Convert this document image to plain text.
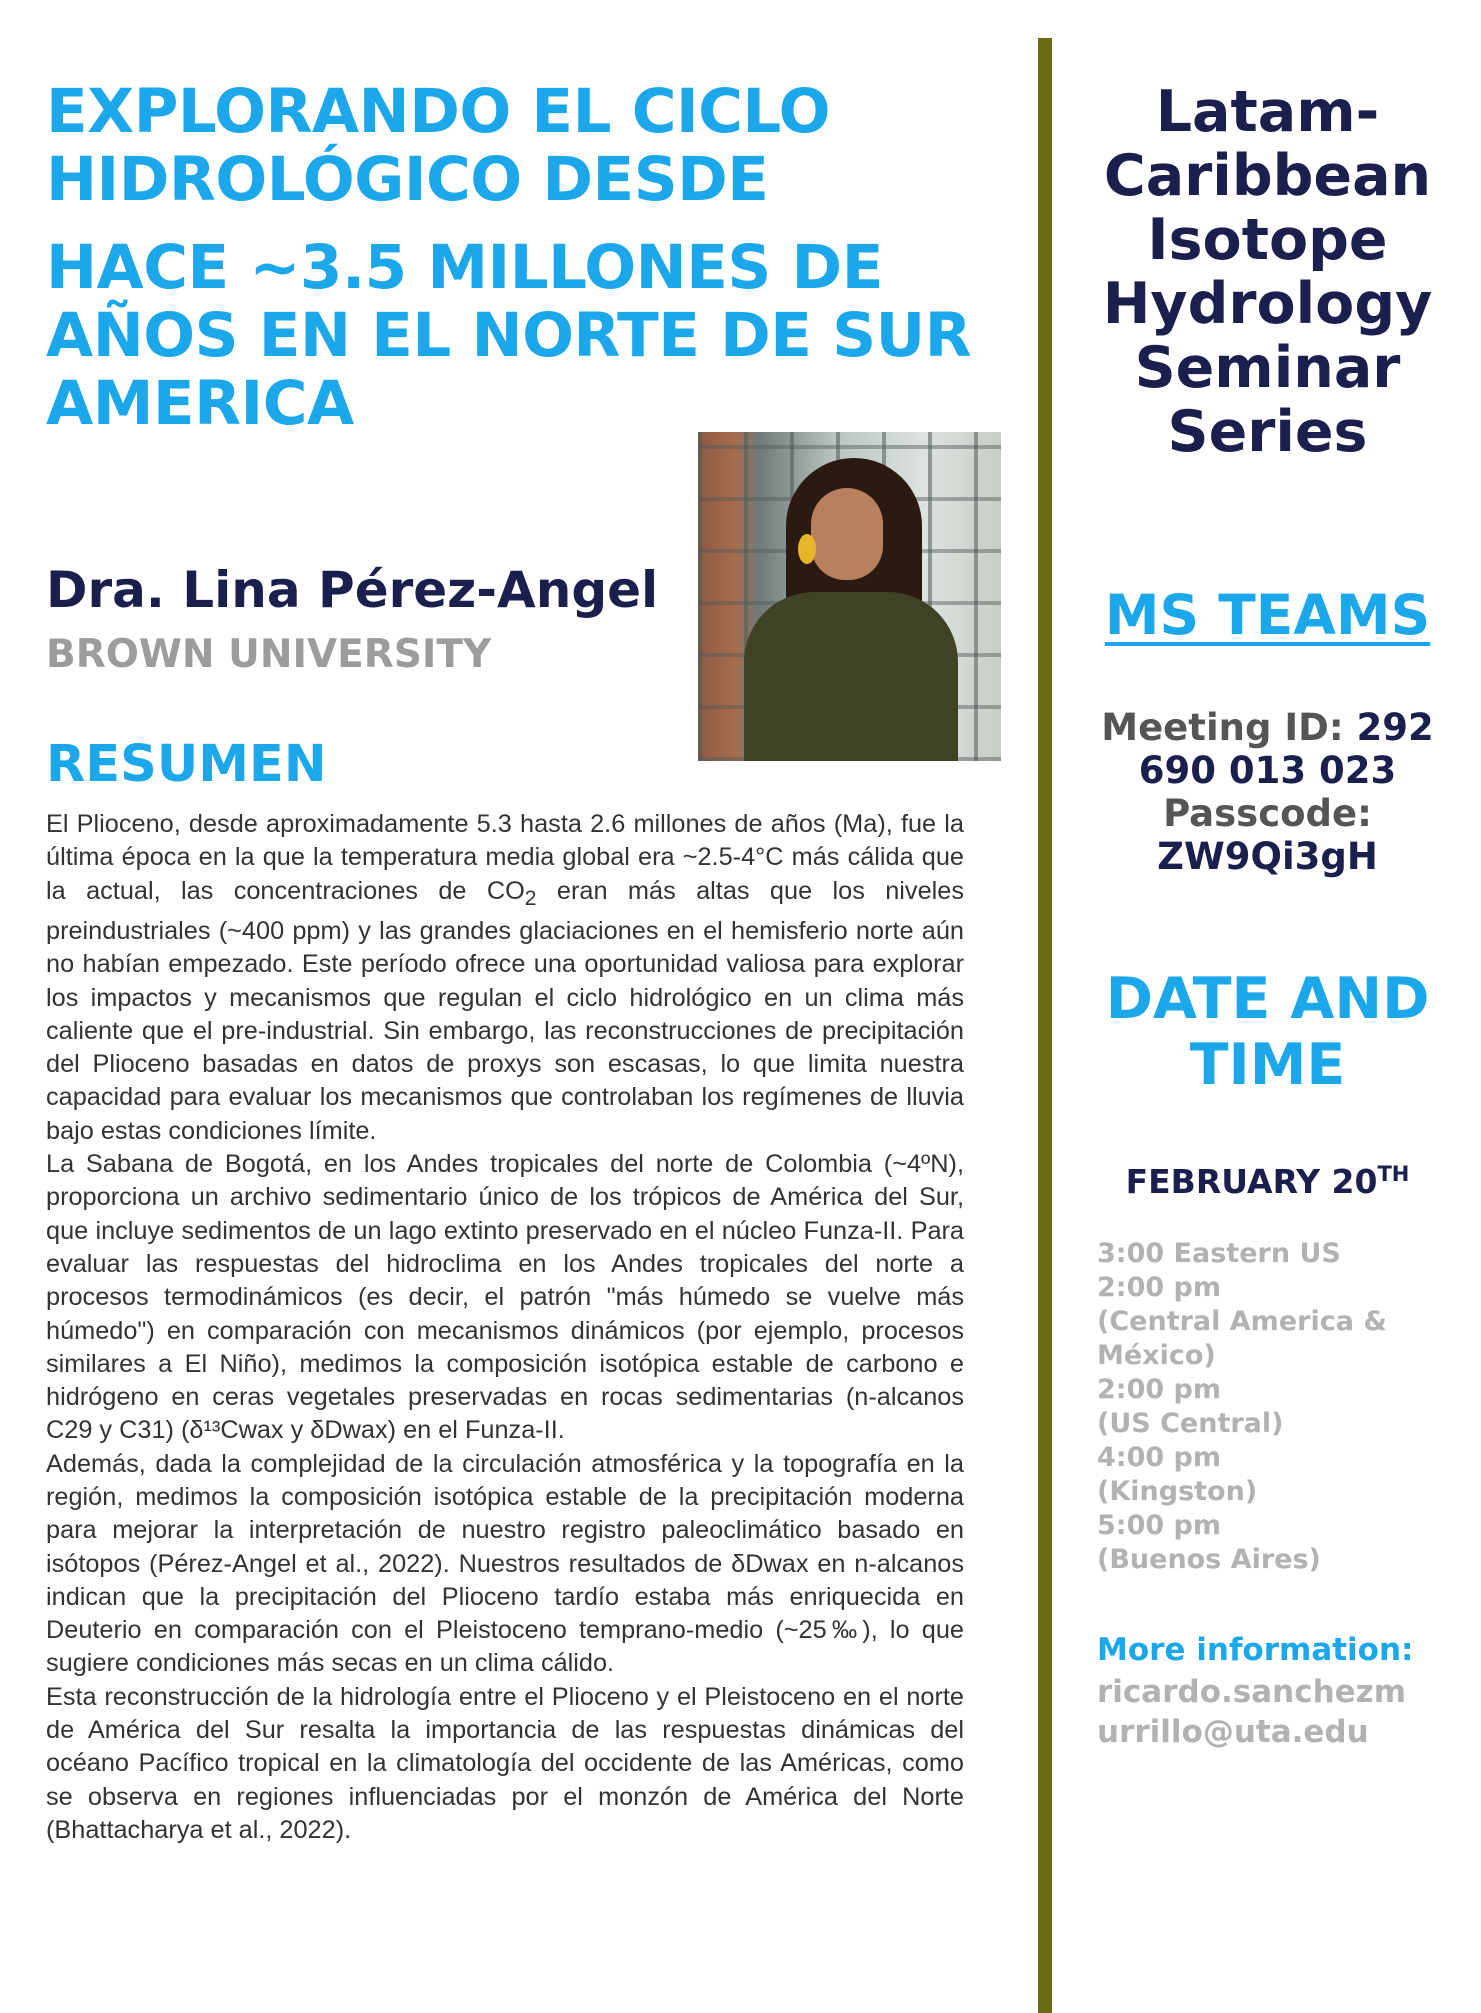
EXPLORANDO EL CICLO
HIDROLÓGICO DESDE
HACE ~3.5 MILLONES DE
AÑOS EN EL NORTE DE SUR
AMERICA
Dra. Lina Pérez-Angel
BROWN UNIVERSITY
RESUMEN

El Plioceno, desde aproximadamente 5.3 hasta 2.6 millones de años (Ma), fue la última época en la que la temperatura media global era ~2.5-4°C más cálida que la actual, las concentraciones de $CO_2$ eran más altas que los niveles preindustriales (~400 ppm) y las grandes glaciaciones en el hemisferio norte aún no habían empezado. Este período ofrece una oportunidad valiosa para explorar los impactos y mecanismos que regulan el ciclo hidrológico en un clima más caliente que el pre-industrial. Sin embargo, las reconstrucciones de precipitación del Plioceno basadas en datos de proxys son escasas, lo que limita nuestra capacidad para evaluar los mecanismos que controlaban los regímenes de lluvia bajo estas condiciones límite.

La Sabana de Bogotá, en los Andes tropicales del norte de Colombia (~4ºN), proporciona un archivo sedimentario único de los trópicos de América del Sur, que incluye sedimentos de un lago extinto preservado en el núcleo Funza-II. Para evaluar las respuestas del hidroclima en los Andes tropicales del norte a procesos termodinámicos (es decir, el patrón "más húmedo se vuelve más húmedo") en comparación con mecanismos dinámicos (por ejemplo, procesos similares a El Niño), medimos la composición isotópica estable de carbono e hidrógeno en ceras vegetales preservadas en rocas sedimentarias (n-alcanos C29 y C31) (δ¹³Cwax y δDwax) en el Funza-II.

Además, dada la complejidad de la circulación atmosférica y la topografía en la región, medimos la composición isotópica estable de la precipitación moderna para mejorar la interpretación de nuestro registro paleoclimático basado en isótopos (Pérez-Angel et al., 2022). Nuestros resultados de δDwax en n-alcanos indican que la precipitación del Plioceno tardío estaba más enriquecida en Deuterio en comparación con el Pleistoceno temprano-medio (~25‰), lo que sugiere condiciones más secas en un clima cálido.

Esta reconstrucción de la hidrología entre el Plioceno y el Pleistoceno en el norte de América del Sur resalta la importancia de las respuestas dinámicas del océano Pacífico tropical en la climatología del occidente de las Américas, como se observa en regiones influenciadas por el monzón de América del Norte (Bhattacharya et al., 2022).

Latam-
Caribbean
Isotope
Hydrology
Seminar
Series
MS TEAMS
Meeting ID: 292
690 013 023
Passcode:
ZW9Qi3gH
DATE AND
TIME
FEBRUARY 20TH
3:00 Eastern US
2:00 pm
(Central America &
México)
2:00 pm
(US Central)
4:00 pm
(Kingston)
5:00 pm
(Buenos Aires)
More information:
ricardo.sanchezm
urrillo@uta.edu
